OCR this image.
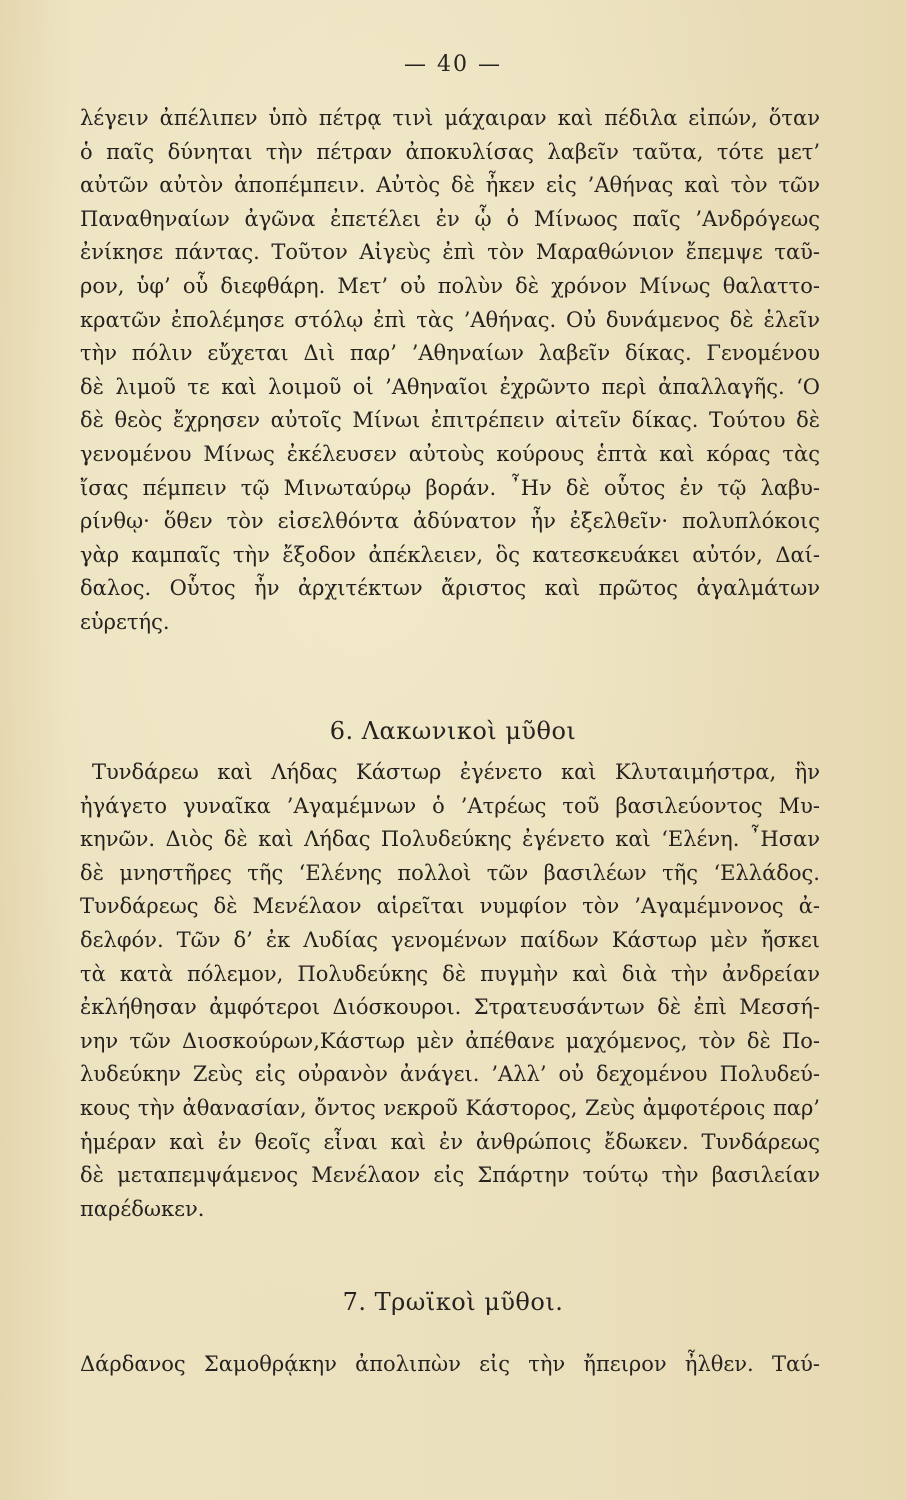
— 40 —
λέγειν ἀπέλιπεν ὑπὸ πέτρᾳ τινὶ μάχαιραν καὶ πέδιλα εἰπών, ὅταν
ὁ παῖς δύνηται τὴν πέτραν ἀποκυλίσας λαβεῖν ταῦτα, τότε μετ’
αὐτῶν αὐτὸν ἀποπέμπειν. Αὐτὸς δὲ ἦκεν εἰς ’Αθήνας καὶ τὸν τῶν
Παναθηναίων ἀγῶνα ἐπετέλει ἐν ᾧ ὁ Μίνωος παῖς ’Ανδρόγεως
ἐνίκησε πάντας. Τοῦτον Αἰγεὺς ἐπὶ τὸν Μαραθώνιον ἔπεμψε ταῦ-
ρον, ὑφ’ οὗ διεφθάρη. Μετ’ οὐ πολὺν δὲ χρόνον Μίνως θαλαττο-
κρατῶν ἐπολέμησε στόλῳ ἐπὶ τὰς ’Αθήνας. Οὐ δυνάμενος δὲ ἑλεῖν
τὴν πόλιν εὔχεται Διὶ παρ’ ’Αθηναίων λαβεῖν δίκας. Γενομένου
δὲ λιμοῦ τε καὶ λοιμοῦ οἱ ’Αθηναῖοι ἐχρῶντο περὶ ἀπαλλαγῆς. ‘Ο
δὲ θεὸς ἔχρησεν αὐτοῖς Μίνωι ἐπιτρέπειν αἰτεῖν δίκας. Τούτου δὲ
γενομένου Μίνως ἐκέλευσεν αὐτοὺς κούρους ἑπτὰ καὶ κόρας τὰς
ἴσας πέμπειν τῷ Μινωταύρῳ βοράν. ῏Ην δὲ οὗτος ἐν τῷ λαβυ-
ρίνθῳ· ὅθεν τὸν εἰσελθόντα ἀδύνατον ἦν ἐξελθεῖν· πολυπλόκοις
γὰρ καμπαῖς τὴν ἔξοδον ἀπέκλειεν, ὃς κατεσκευάκει αὐτόν, Δαί-
δαλος. Οὗτος ἦν ἀρχιτέκτων ἄριστος καὶ πρῶτος ἀγαλμάτων
εὑρετής.
6. Λακωνικοὶ μῦθοι
Τυνδάρεω καὶ Λήδας Κάστωρ ἐγένετο καὶ Κλυταιμήστρα, ἣν
ἠγάγετο γυναῖκα ’Αγαμέμνων ὁ ’Ατρέως τοῦ βασιλεύοντος Μυ-
κηνῶν. Διὸς δὲ καὶ Λήδας Πολυδεύκης ἐγένετο καὶ ‘Ελένη. ῏Ησαν
δὲ μνηστῆρες τῆς ‘Ελένης πολλοὶ τῶν βασιλέων τῆς ‘Ελλάδος.
Τυνδάρεως δὲ Μενέλαον αἱρεῖται νυμφίον τὸν ’Αγαμέμνονος ἀ-
δελφόν. Τῶν δ’ ἐκ Λυδίας γενομένων παίδων Κάστωρ μὲν ἤσκει
τὰ κατὰ πόλεμον, Πολυδεύκης δὲ πυγμὴν καὶ διὰ τὴν ἀνδρείαν
ἐκλήθησαν ἀμφότεροι Διόσκουροι. Στρατευσάντων δὲ ἐπὶ Μεσσή-
νην τῶν Διοσκούρων,Κάστωρ μὲν ἀπέθανε μαχόμενος, τὸν δὲ Πο-
λυδεύκην Ζεὺς εἰς οὐρανὸν ἀνάγει. ’Αλλ’ οὐ δεχομένου Πολυδεύ-
κους τὴν ἀθανασίαν, ὄντος νεκροῦ Κάστορος, Ζεὺς ἀμφοτέροις παρ’
ἡμέραν καὶ ἐν θεοῖς εἶναι καὶ ἐν ἀνθρώποις ἔδωκεν. Τυνδάρεως
δὲ μεταπεμψάμενος Μενέλαον εἰς Σπάρτην τούτῳ τὴν βασιλείαν
παρέδωκεν.
7. Τρωϊκοὶ μῦθοι.
Δάρδανος Σαμοθρᾴκην ἀπολιπὼν εἰς τὴν ἤπειρον ἦλθεν. Ταύ-
